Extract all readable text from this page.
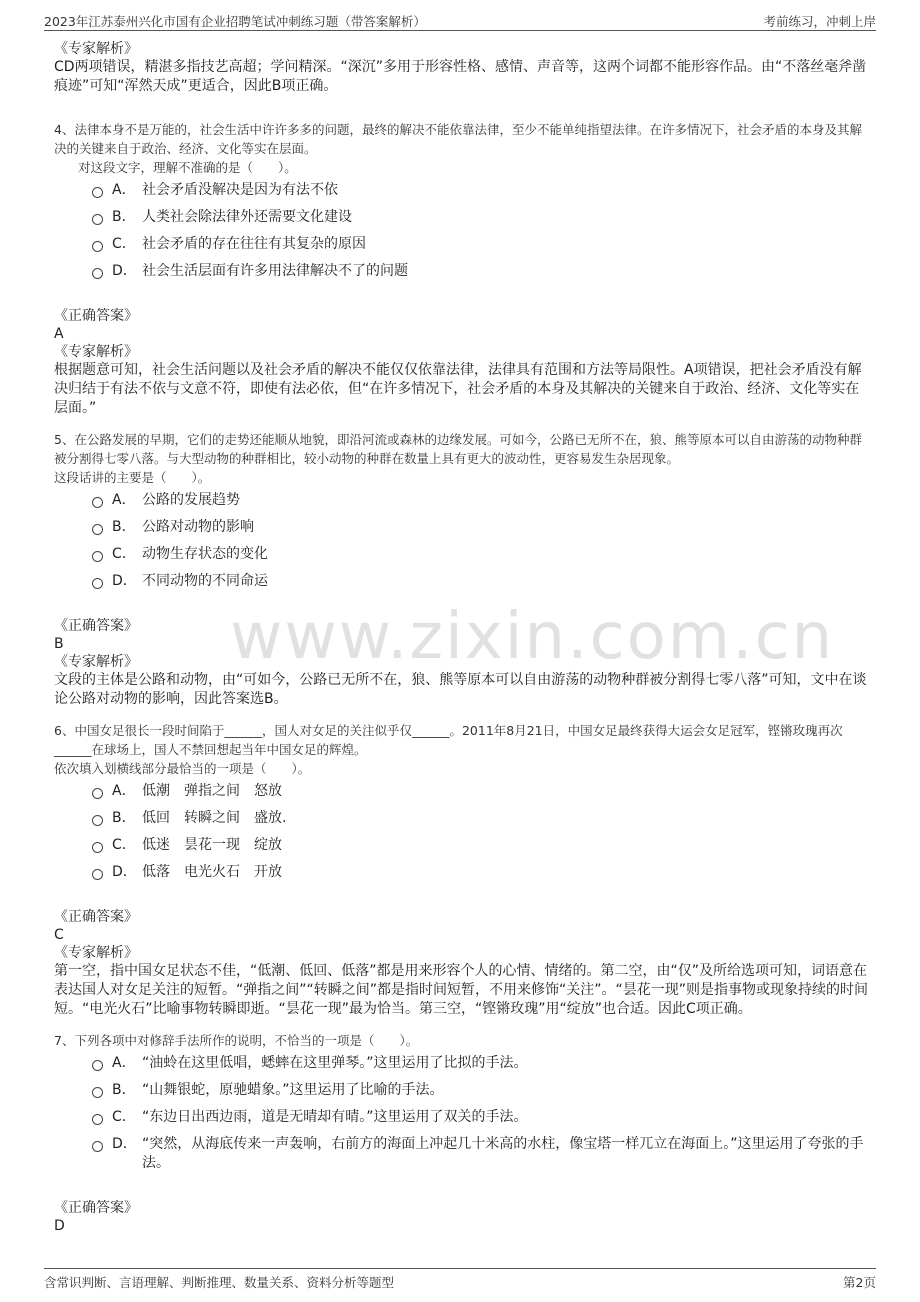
2023年江苏泰州兴化市国有企业招聘笔试冲刺练习题（带答案解析）	考前练习，冲刺上岸
www.zixin.com.cn
《专家解析》

CD两项错误，精湛多指技艺高超；学问精深。“深沉”多用于形容性格、感情、声音等，这两个词都不能形容作品。由“不落丝毫斧凿痕迹”可知“浑然天成”更适合，因此B项正确。

4、法律本身不是万能的，社会生活中许许多多的问题，最终的解决不能依靠法律，至少不能单纯指望法律。在许多情况下，社会矛盾的本身及其解决的关键来自于政治、经济、文化等实在层面。

对这段文字，理解不准确的是（　　）。

A． 社会矛盾没解决是因为有法不依
B． 人类社会除法律外还需要文化建设
C． 社会矛盾的存在往往有其复杂的原因
D． 社会生活层面有许多用法律解决不了的问题
《正确答案》
A
《专家解析》

根据题意可知，社会生活问题以及社会矛盾的解决不能仅仅依靠法律，法律具有范围和方法等局限性。A项错误，把社会矛盾没有解决归结于有法不依与文意不符，即使有法必依，但“在许多情况下，社会矛盾的本身及其解决的关键来自于政治、经济、文化等实在层面。”

5、在公路发展的早期，它们的走势还能顺从地貌，即沿河流或森林的边缘发展。可如今，公路已无所不在，狼、熊等原本可以自由游荡的动物种群被分割得七零八落。与大型动物的种群相比，较小动物的种群在数量上具有更大的波动性，更容易发生杂居现象。

这段话讲的主要是（　　）。

A． 公路的发展趋势
B． 公路对动物的影响
C． 动物生存状态的变化
D． 不同动物的不同命运
《正确答案》
B
《专家解析》

文段的主体是公路和动物，由“可如今，公路已无所不在，狼、熊等原本可以自由游荡的动物种群被分割得七零八落”可知，文中在谈论公路对动物的影响，因此答案选B。

6、中国女足很长一段时间陷于______，国人对女足的关注似乎仅______。2011年8月21日，中国女足最终获得大运会女足冠军，铿锵玫瑰再次______在球场上，国人不禁回想起当年中国女足的辉煌。

依次填入划横线部分最恰当的一项是（　　）。

A． 低潮　弹指之间　怒放
B． 低回　转瞬之间　盛放.
C． 低迷　昙花一现　绽放
D． 低落　电光火石　开放
《正确答案》
C
《专家解析》

第一空，指中国女足状态不佳，“低潮、低回、低落”都是用来形容个人的心情、情绪的。第二空，由“仅”及所给选项可知，词语意在表达国人对女足关注的短暂。“弹指之间”“转瞬之间”都是指时间短暂，不用来修饰“关注”。“昙花一现”则是指事物或现象持续的时间短。“电光火石”比喻事物转瞬即逝。“昙花一现”最为恰当。第三空，“铿锵玫瑰”用“绽放”也合适。因此C项正确。

7、下列各项中对修辞手法所作的说明，不恰当的一项是（　　）。

A． “油蛉在这里低唱，蟋蟀在这里弹琴。”这里运用了比拟的手法。
B． “山舞银蛇，原驰蜡象。”这里运用了比喻的手法。
C． “东边日出西边雨，道是无晴却有晴。”这里运用了双关的手法。
D． “突然，从海底传来一声轰响，右前方的海面上冲起几十米高的水柱，像宝塔一样兀立在海面上。”这里运用了夸张的手法。
《正确答案》
D
含常识判断、言语理解、判断推理、数量关系、资料分析等题型	第2页
